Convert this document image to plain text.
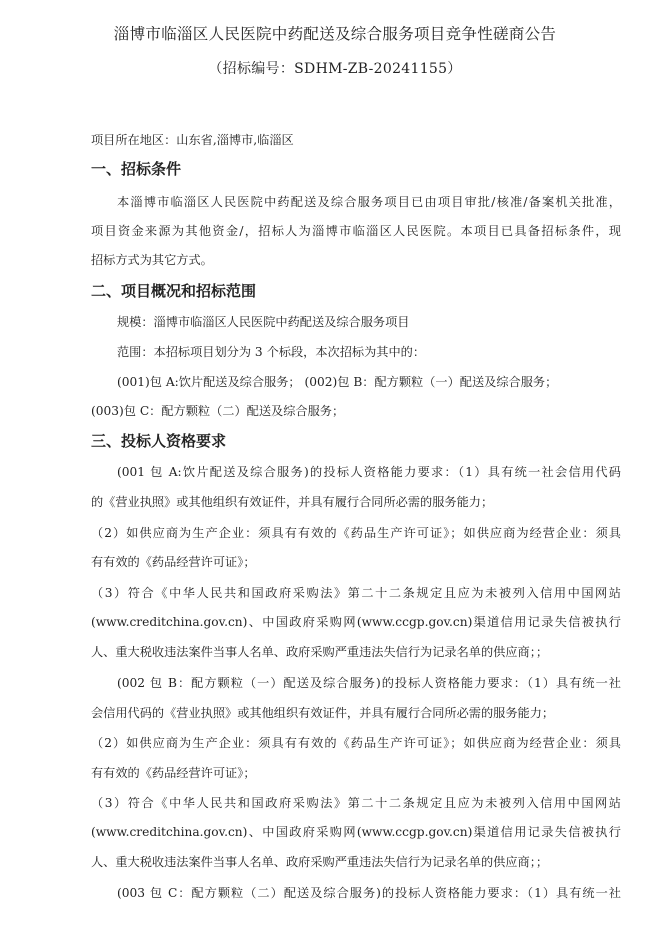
淄博市临淄区人民医院中药配送及综合服务项目竞争性磋商公告
（招标编号：SDHM-ZB-20241155）
项目所在地区：山东省,淄博市,临淄区
一、招标条件
本淄博市临淄区人民医院中药配送及综合服务项目已由项目审批/核准/备案机关批准，
项目资金来源为其他资金/，招标人为淄博市临淄区人民医院。本项目已具备招标条件，现
招标方式为其它方式。
二、项目概况和招标范围
规模：淄博市临淄区人民医院中药配送及综合服务项目
范围：本招标项目划分为 3 个标段，本次招标为其中的：
(001)包 A:饮片配送及综合服务； (002)包 B：配方颗粒（一）配送及综合服务；
(003)包 C：配方颗粒（二）配送及综合服务；
三、投标人资格要求
(001 包 A:饮片配送及综合服务)的投标人资格能力要求：（1）具有统一社会信用代码
的《营业执照》或其他组织有效证件，并具有履行合同所必需的服务能力；
（2）如供应商为生产企业：须具有有效的《药品生产许可证》；如供应商为经营企业：须具
有有效的《药品经营许可证》；
（3）符合《中华人民共和国政府采购法》第二十二条规定且应为未被列入信用中国网站
(www.creditchina.gov.cn)、中国政府采购网(www.ccgp.gov.cn)渠道信用记录失信被执行
人、重大税收违法案件当事人名单、政府采购严重违法失信行为记录名单的供应商；；
(002 包 B：配方颗粒（一）配送及综合服务)的投标人资格能力要求：（1）具有统一社
会信用代码的《营业执照》或其他组织有效证件，并具有履行合同所必需的服务能力；
（2）如供应商为生产企业：须具有有效的《药品生产许可证》；如供应商为经营企业：须具
有有效的《药品经营许可证》；
（3）符合《中华人民共和国政府采购法》第二十二条规定且应为未被列入信用中国网站
(www.creditchina.gov.cn)、中国政府采购网(www.ccgp.gov.cn)渠道信用记录失信被执行
人、重大税收违法案件当事人名单、政府采购严重违法失信行为记录名单的供应商；；
(003 包 C：配方颗粒（二）配送及综合服务)的投标人资格能力要求：（1）具有统一社
